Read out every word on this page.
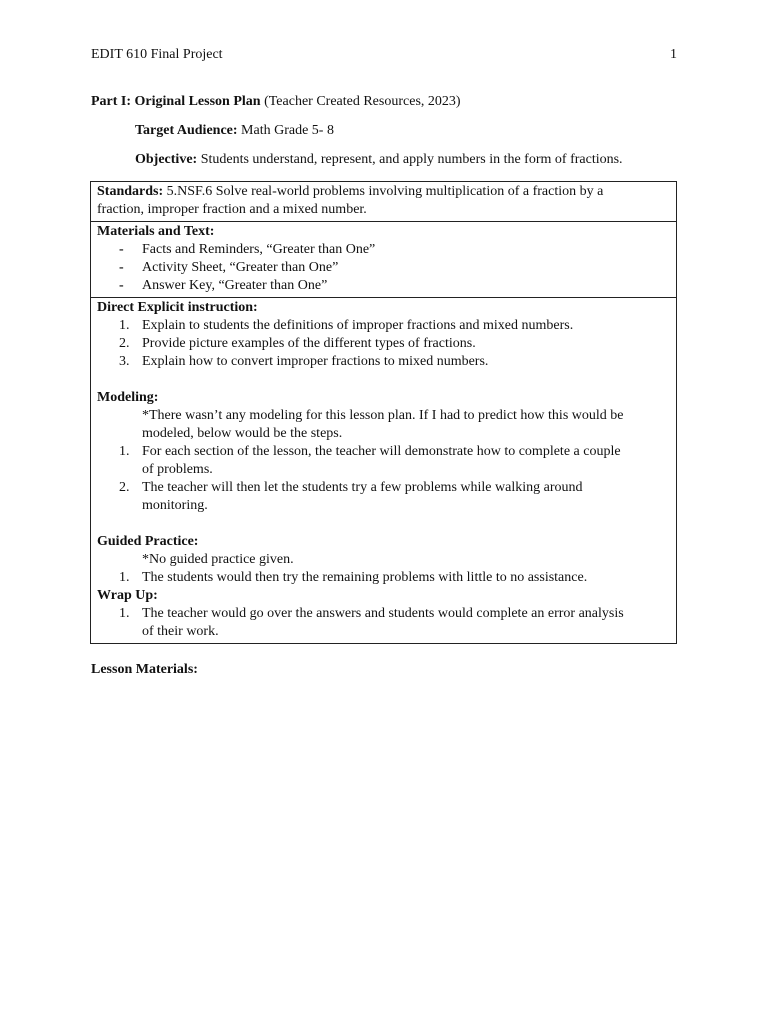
EDIT 610 Final Project	1
Part I: Original Lesson Plan (Teacher Created Resources, 2023)
Target Audience: Math Grade 5- 8
Objective: Students understand, represent, and apply numbers in the form of fractions.
Standards: 5.NSF.6 Solve real-world problems involving multiplication of a fraction by a
fraction, improper fraction and a mixed number.
Materials and Text:
-	Facts and Reminders, “Greater than One”
-	Activity Sheet, “Greater than One”
-	Answer Key, “Greater than One”
Direct Explicit instruction:
1. Explain to students the definitions of improper fractions and mixed numbers.
2. Provide picture examples of the different types of fractions.
3. Explain how to convert improper fractions to mixed numbers.
Modeling:
*There wasn’t any modeling for this lesson plan. If I had to predict how this would be
modeled, below would be the steps.
1. For each section of the lesson, the teacher will demonstrate how to complete a couple
of problems.
2. The teacher will then let the students try a few problems while walking around
monitoring.
Guided Practice:
*No guided practice given.
1. The students would then try the remaining problems with little to no assistance.
Wrap Up:
1. The teacher would go over the answers and students would complete an error analysis
of their work.
Lesson Materials:
